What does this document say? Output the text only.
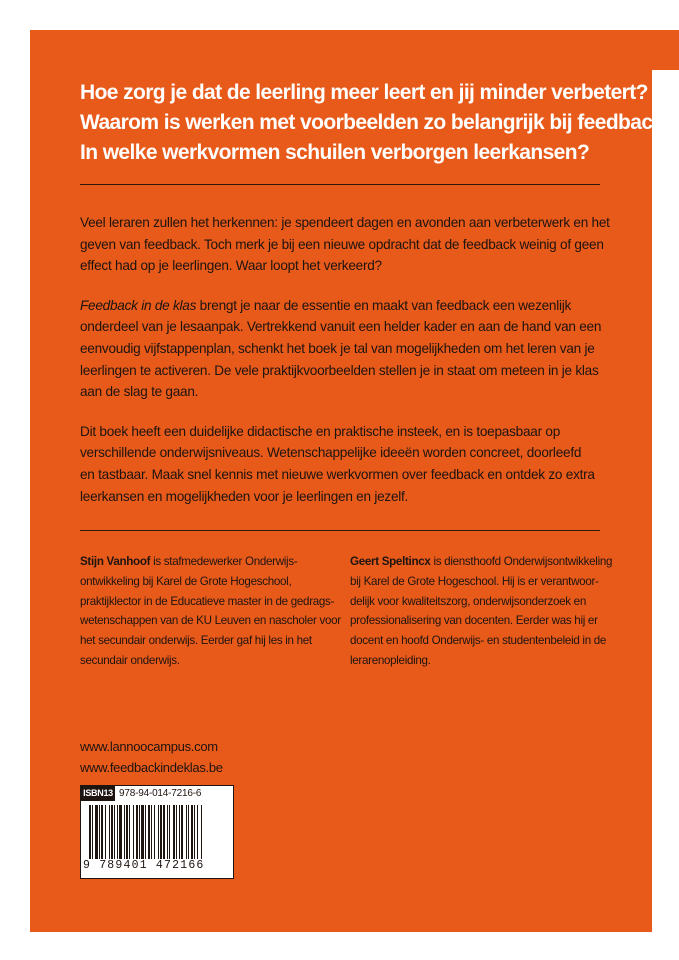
Hoe zorg je dat de leerling meer leert en jij minder verbetert?
Waarom is werken met voorbeelden zo belangrijk bij feedback?
In welke werkvormen schuilen verborgen leerkansen?

Veel leraren zullen het herkennen: je spendeert dagen en avonden aan verbeterwerk en het
geven van feedback. Toch merk je bij een nieuwe opdracht dat de feedback weinig of geen
effect had op je leerlingen. Waar loopt het verkeerd?

Feedback in de klas brengt je naar de essentie en maakt van feedback een wezenlijk
onderdeel van je lesaanpak. Vertrekkend vanuit een helder kader en aan de hand van een
eenvoudig vijfstappenplan, schenkt het boek je tal van mogelijkheden om het leren van je
leerlingen te activeren. De vele praktijkvoorbeelden stellen je in staat om meteen in je klas
aan de slag te gaan.

Dit boek heeft een duidelijke didactische en praktische insteek, en is toepasbaar op
verschillende onderwijsniveaus. Wetenschappelijke ideeën worden concreet, doorleefd
en tastbaar. Maak snel kennis met nieuwe werkvormen over feedback en ontdek zo extra
leerkansen en mogelijkheden voor je leerlingen en jezelf.

Stijn Vanhoof is stafmedewerker Onderwijs-
ontwikkeling bij Karel de Grote Hogeschool,
praktijklector in de Educatieve master in de gedrags-
wetenschappen van de KU Leuven en nascholer voor
het secundair onderwijs. Eerder gaf hij les in het
secundair onderwijs.
Geert Speltincx is diensthoofd Onderwijsontwikkeling
bij Karel de Grote Hogeschool. Hij is er verantwoor-
delijk voor kwaliteitszorg, onderwijsonderzoek en
professionalisering van docenten. Eerder was hij er
docent en hoofd Onderwijs- en studentenbeleid in de
lerarenopleiding.
www.lannoocampus.com
www.feedbackindeklas.be
ISBN13 978-94-014-7216-6
9 789401 472166
